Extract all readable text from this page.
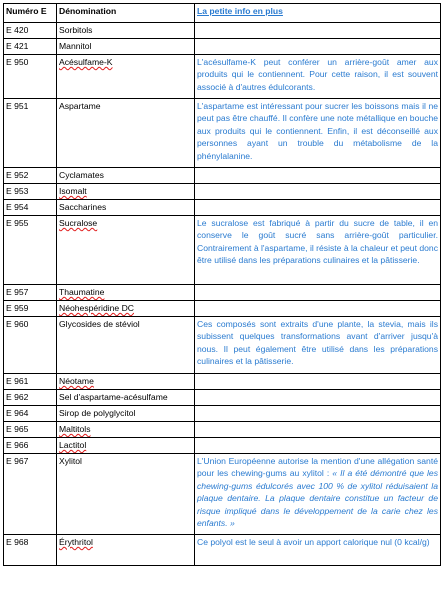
Numéro E	Dénomination	La petite info en plus
E 420	Sorbitols	
E 421	Mannitol	
E 950	Acésulfame-K	L'acésulfame-K peut conférer un arrière-goût amer aux produits qui le contiennent. Pour cette raison, il est souvent associé à d'autres édulcorants.
E 951	Aspartame	L'aspartame est intéressant pour sucrer les boissons mais il ne peut pas être chauffé. Il confère une note métallique en bouche aux produits qui le contiennent. Enfin, il est déconseillé aux personnes ayant un trouble du métabolisme de la phénylalanine.
E 952	Cyclamates	
E 953	Isomalt	
E 954	Saccharines	
E 955	Sucralose	Le sucralose est fabriqué à partir du sucre de table, il en conserve le goût sucré sans arrière-goût particulier. Contrairement à l'aspartame, il résiste à la chaleur et peut donc être utilisé dans les préparations culinaires et la pâtisserie.
E 957	Thaumatine	
E 959	Néohespéridine DC	
E 960	Glycosides de stéviol	Ces composés sont extraits d'une plante, la stevia, mais ils subissent quelques transformations avant d'arriver jusqu'à nous. Il peut également être utilisé dans les préparations culinaires et la pâtisserie.
E 961	Néotame	
E 962	Sel d'aspartame-acésulfame	
E 964	Sirop de polyglycitol	
E 965	Maltitols	
E 966	Lactitol	
E 967	Xylitol	L'Union Européenne autorise la mention d'une allégation santé pour les chewing-gums au xylitol : « Il a été démontré que les chewing-gums édulcorés avec 100 % de xylitol réduisaient la plaque dentaire. La plaque dentaire constitue un facteur de risque impliqué dans le développement de la carie chez les enfants. »
E 968	Érythritol	Ce polyol est le seul à avoir un apport calorique nul (0 kcal/g)
